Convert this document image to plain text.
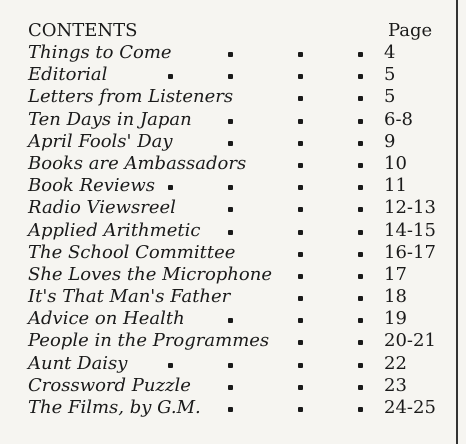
CONTENTS	Page
Things to Come	4
Editorial	5
Letters from Listeners	5
Ten Days in Japan	6-8
April Fools' Day	9
Books are Ambassadors	10
Book Reviews	11
Radio Viewsreel	12-13
Applied Arithmetic	14-15
The School Committee	16-17
She Loves the Microphone	17
It's That Man's Father	18
Advice on Health	19
People in the Programmes	20-21
Aunt Daisy	22
Crossword Puzzle	23
The Films, by G.M.	24-25
